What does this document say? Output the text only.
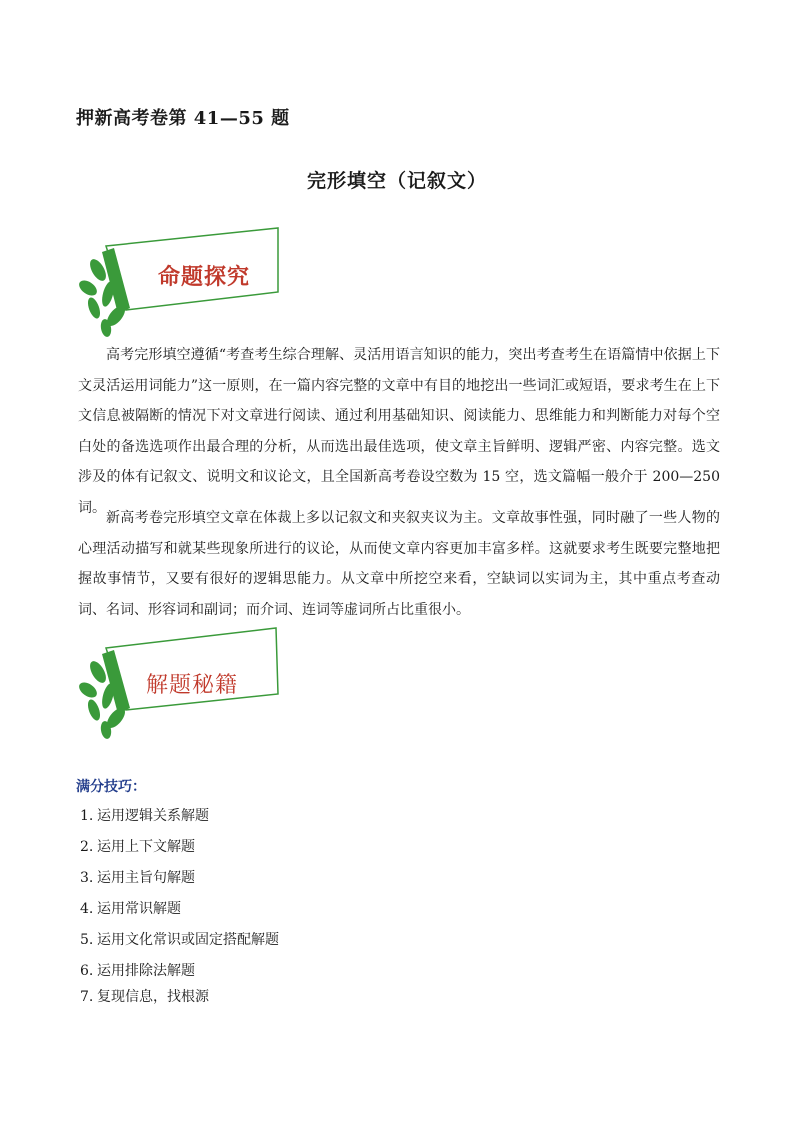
押新高考卷第 41—55 题
完形填空（记叙文）
命题探究

高考完形填空遵循“考查考生综合理解、灵活用语言知识的能力，突出考查考生在语篇情中依据上下文灵活运用词能力”这一原则，在一篇内容完整的文章中有目的地挖出一些词汇或短语，要求考生在上下文信息被隔断的情况下对文章进行阅读、通过利用基础知识、阅读能力、思维能力和判断能力对每个空白处的备选选项作出最合理的分析，从而选出最佳选项，使文章主旨鲜明、逻辑严密、内容完整。选文涉及的体有记叙文、说明文和议论文，且全国新高考卷设空数为 15 空，选文篇幅一般介于 200—250 词。

新高考卷完形填空文章在体裁上多以记叙文和夹叙夹议为主。文章故事性强，同时融了一些人物的心理活动描写和就某些现象所进行的议论，从而使文章内容更加丰富多样。这就要求考生既要完整地把握故事情节，又要有很好的逻辑思能力。从文章中所挖空来看，空缺词以实词为主，其中重点考查动词、名词、形容词和副词；而介词、连词等虚词所占比重很小。

解题秘籍
满分技巧：
1. 运用逻辑关系解题
2. 运用上下文解题
3. 运用主旨句解题
4. 运用常识解题
5. 运用文化常识或固定搭配解题
6. 运用排除法解题
7. 复现信息，找根源
